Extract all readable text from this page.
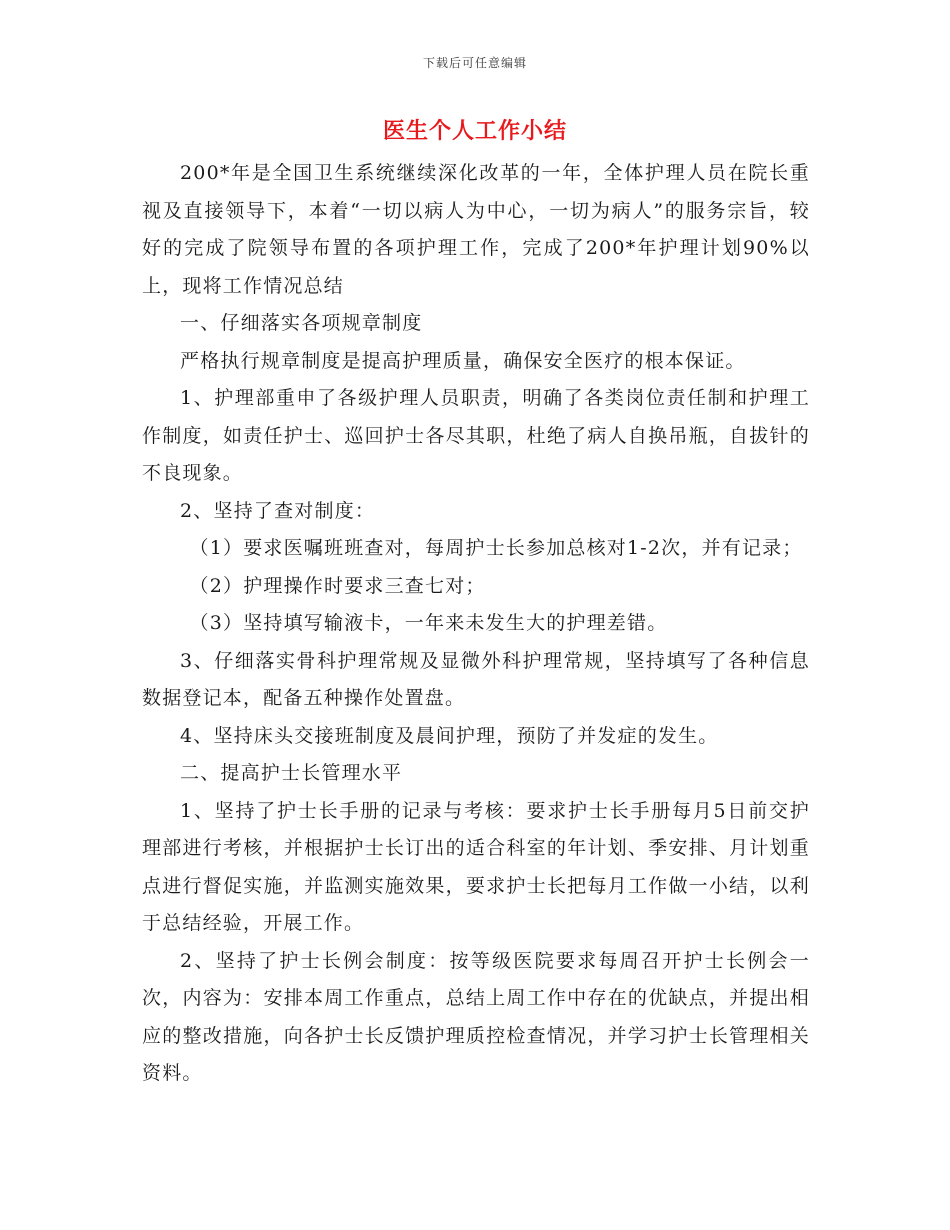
下载后可任意编辑
医生个人工作小结

200*年是全国卫生系统继续深化改革的一年，全体护理人员在院长重视及直接领导下，本着“一切以病人为中心，一切为病人”的服务宗旨，较好的完成了院领导布置的各项护理工作，完成了200*年护理计划90%以上，现将工作情况总结

一、仔细落实各项规章制度

严格执行规章制度是提高护理质量，确保安全医疗的根本保证。

1、护理部重申了各级护理人员职责，明确了各类岗位责任制和护理工作制度，如责任护士、巡回护士各尽其职，杜绝了病人自换吊瓶，自拔针的不良现象。

2、坚持了查对制度：

（1）要求医嘱班班查对，每周护士长参加总核对1-2次，并有记录；

（2）护理操作时要求三查七对；

（3）坚持填写输液卡，一年来未发生大的护理差错。

3、仔细落实骨科护理常规及显微外科护理常规，坚持填写了各种信息数据登记本，配备五种操作处置盘。

4、坚持床头交接班制度及晨间护理，预防了并发症的发生。

二、提高护士长管理水平

1、坚持了护士长手册的记录与考核：要求护士长手册每月5日前交护理部进行考核，并根据护士长订出的适合科室的年计划、季安排、月计划重点进行督促实施，并监测实施效果，要求护士长把每月工作做一小结，以利于总结经验，开展工作。

2、坚持了护士长例会制度：按等级医院要求每周召开护士长例会一次，内容为：安排本周工作重点，总结上周工作中存在的优缺点，并提出相应的整改措施，向各护士长反馈护理质控检查情况，并学习护士长管理相关资料。
